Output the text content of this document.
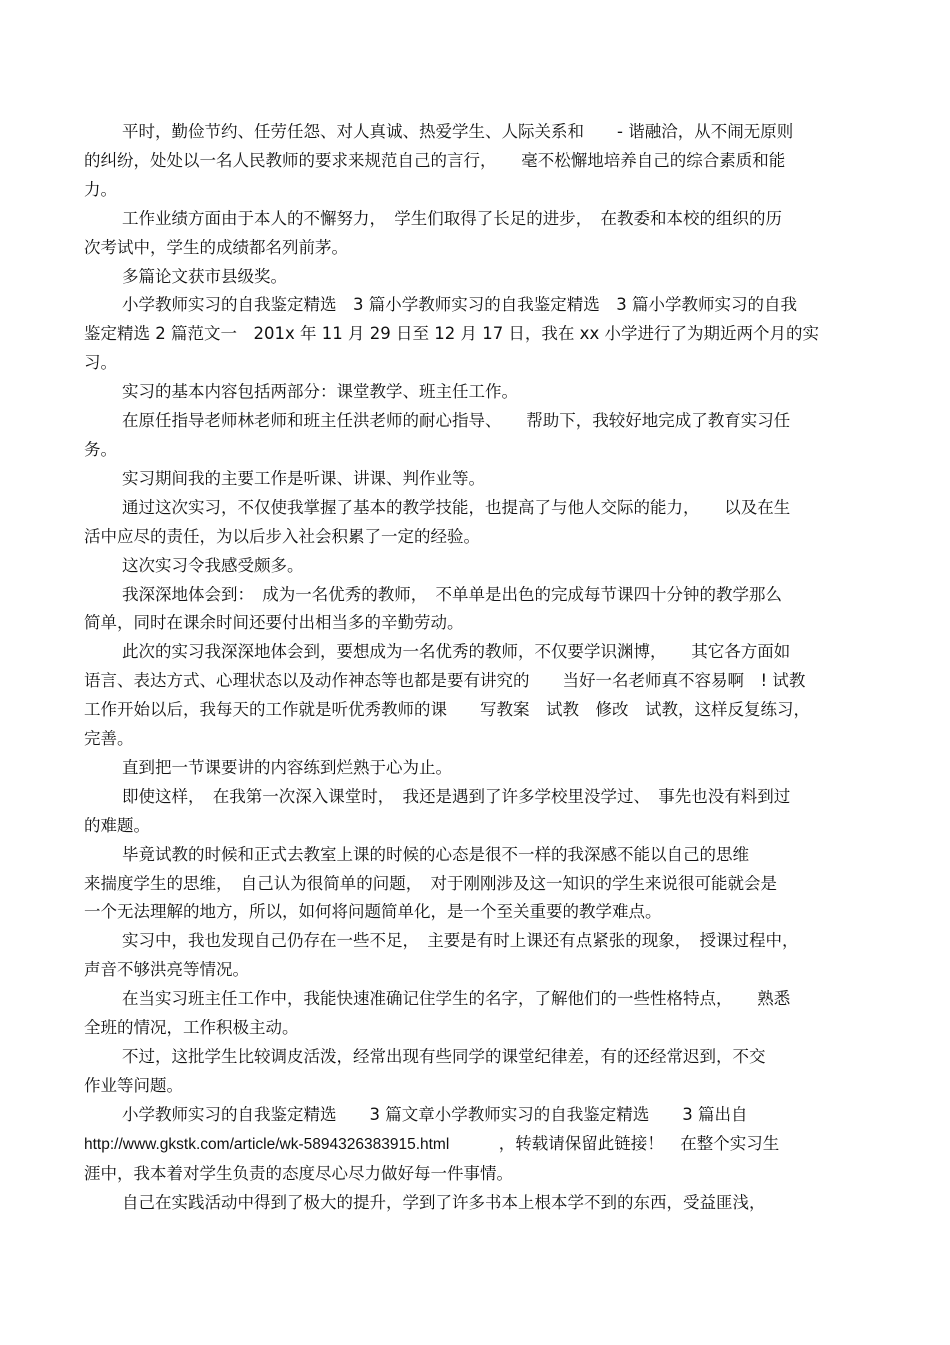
平时，勤俭节约、任劳任怨、对人真诚、热爱学生、人际关系和　　- 谐融洽，从不闹无原则
的纠纷，处处以一名人民教师的要求来规范自己的言行，　　毫不松懈地培养自己的综合素质和能
力。
工作业绩方面由于本人的不懈努力，　学生们取得了长足的进步，　在教委和本校的组织的历
次考试中，学生的成绩都名列前茅。
多篇论文获市县级奖。
小学教师实习的自我鉴定精选　3 篇小学教师实习的自我鉴定精选　3 篇小学教师实习的自我
鉴定精选 2 篇范文一　201x 年 11 月 29 日至 12 月 17 日，我在 xx 小学进行了为期近两个月的实
习。
实习的基本内容包括两部分：课堂教学、班主任工作。
在原任指导老师林老师和班主任洪老师的耐心指导、　　帮助下，我较好地完成了教育实习任
务。
实习期间我的主要工作是听课、讲课、判作业等。
通过这次实习，不仅使我掌握了基本的教学技能，也提高了与他人交际的能力，　　以及在生
活中应尽的责任，为以后步入社会积累了一定的经验。
这次实习令我感受颇多。
我深深地体会到：　成为一名优秀的教师，　不单单是出色的完成每节课四十分钟的教学那么
简单，同时在课余时间还要付出相当多的辛勤劳动。
此次的实习我深深地体会到，要想成为一名优秀的教师，不仅要学识渊博，　　其它各方面如
语言、表达方式、心理状态以及动作神态等也都是要有讲究的　　当好一名老师真不容易啊　! 试教
工作开始以后，我每天的工作就是听优秀教师的课　　写教案　试教　修改　试教，这样反复练习，
完善。
直到把一节课要讲的内容练到烂熟于心为止。
即使这样，　在我第一次深入课堂时，　我还是遇到了许多学校里没学过、　事先也没有料到过
的难题。
毕竟试教的时候和正式去教室上课的时候的心态是很不一样的我深感不能以自己的思维
来揣度学生的思维，　自己认为很简单的问题，　对于刚刚涉及这一知识的学生来说很可能就会是
一个无法理解的地方，所以，如何将问题简单化，是一个至关重要的教学难点。
实习中，我也发现自己仍存在一些不足，　主要是有时上课还有点紧张的现象，　授课过程中，
声音不够洪亮等情况。
在当实习班主任工作中，我能快速准确记住学生的名字，了解他们的一些性格特点，　　熟悉
全班的情况，工作积极主动。
不过，这批学生比较调皮活泼，经常出现有些同学的课堂纪律差，有的还经常迟到，不交
作业等问题。
小学教师实习的自我鉴定精选　　3 篇文章小学教师实习的自我鉴定精选　　3 篇出自
http://www.gkstk.com/article/wk-5894326383915.html　　　，转载请保留此链接！　在整个实习生
涯中，我本着对学生负责的态度尽心尽力做好每一件事情。
自己在实践活动中得到了极大的提升，学到了许多书本上根本学不到的东西，受益匪浅，
